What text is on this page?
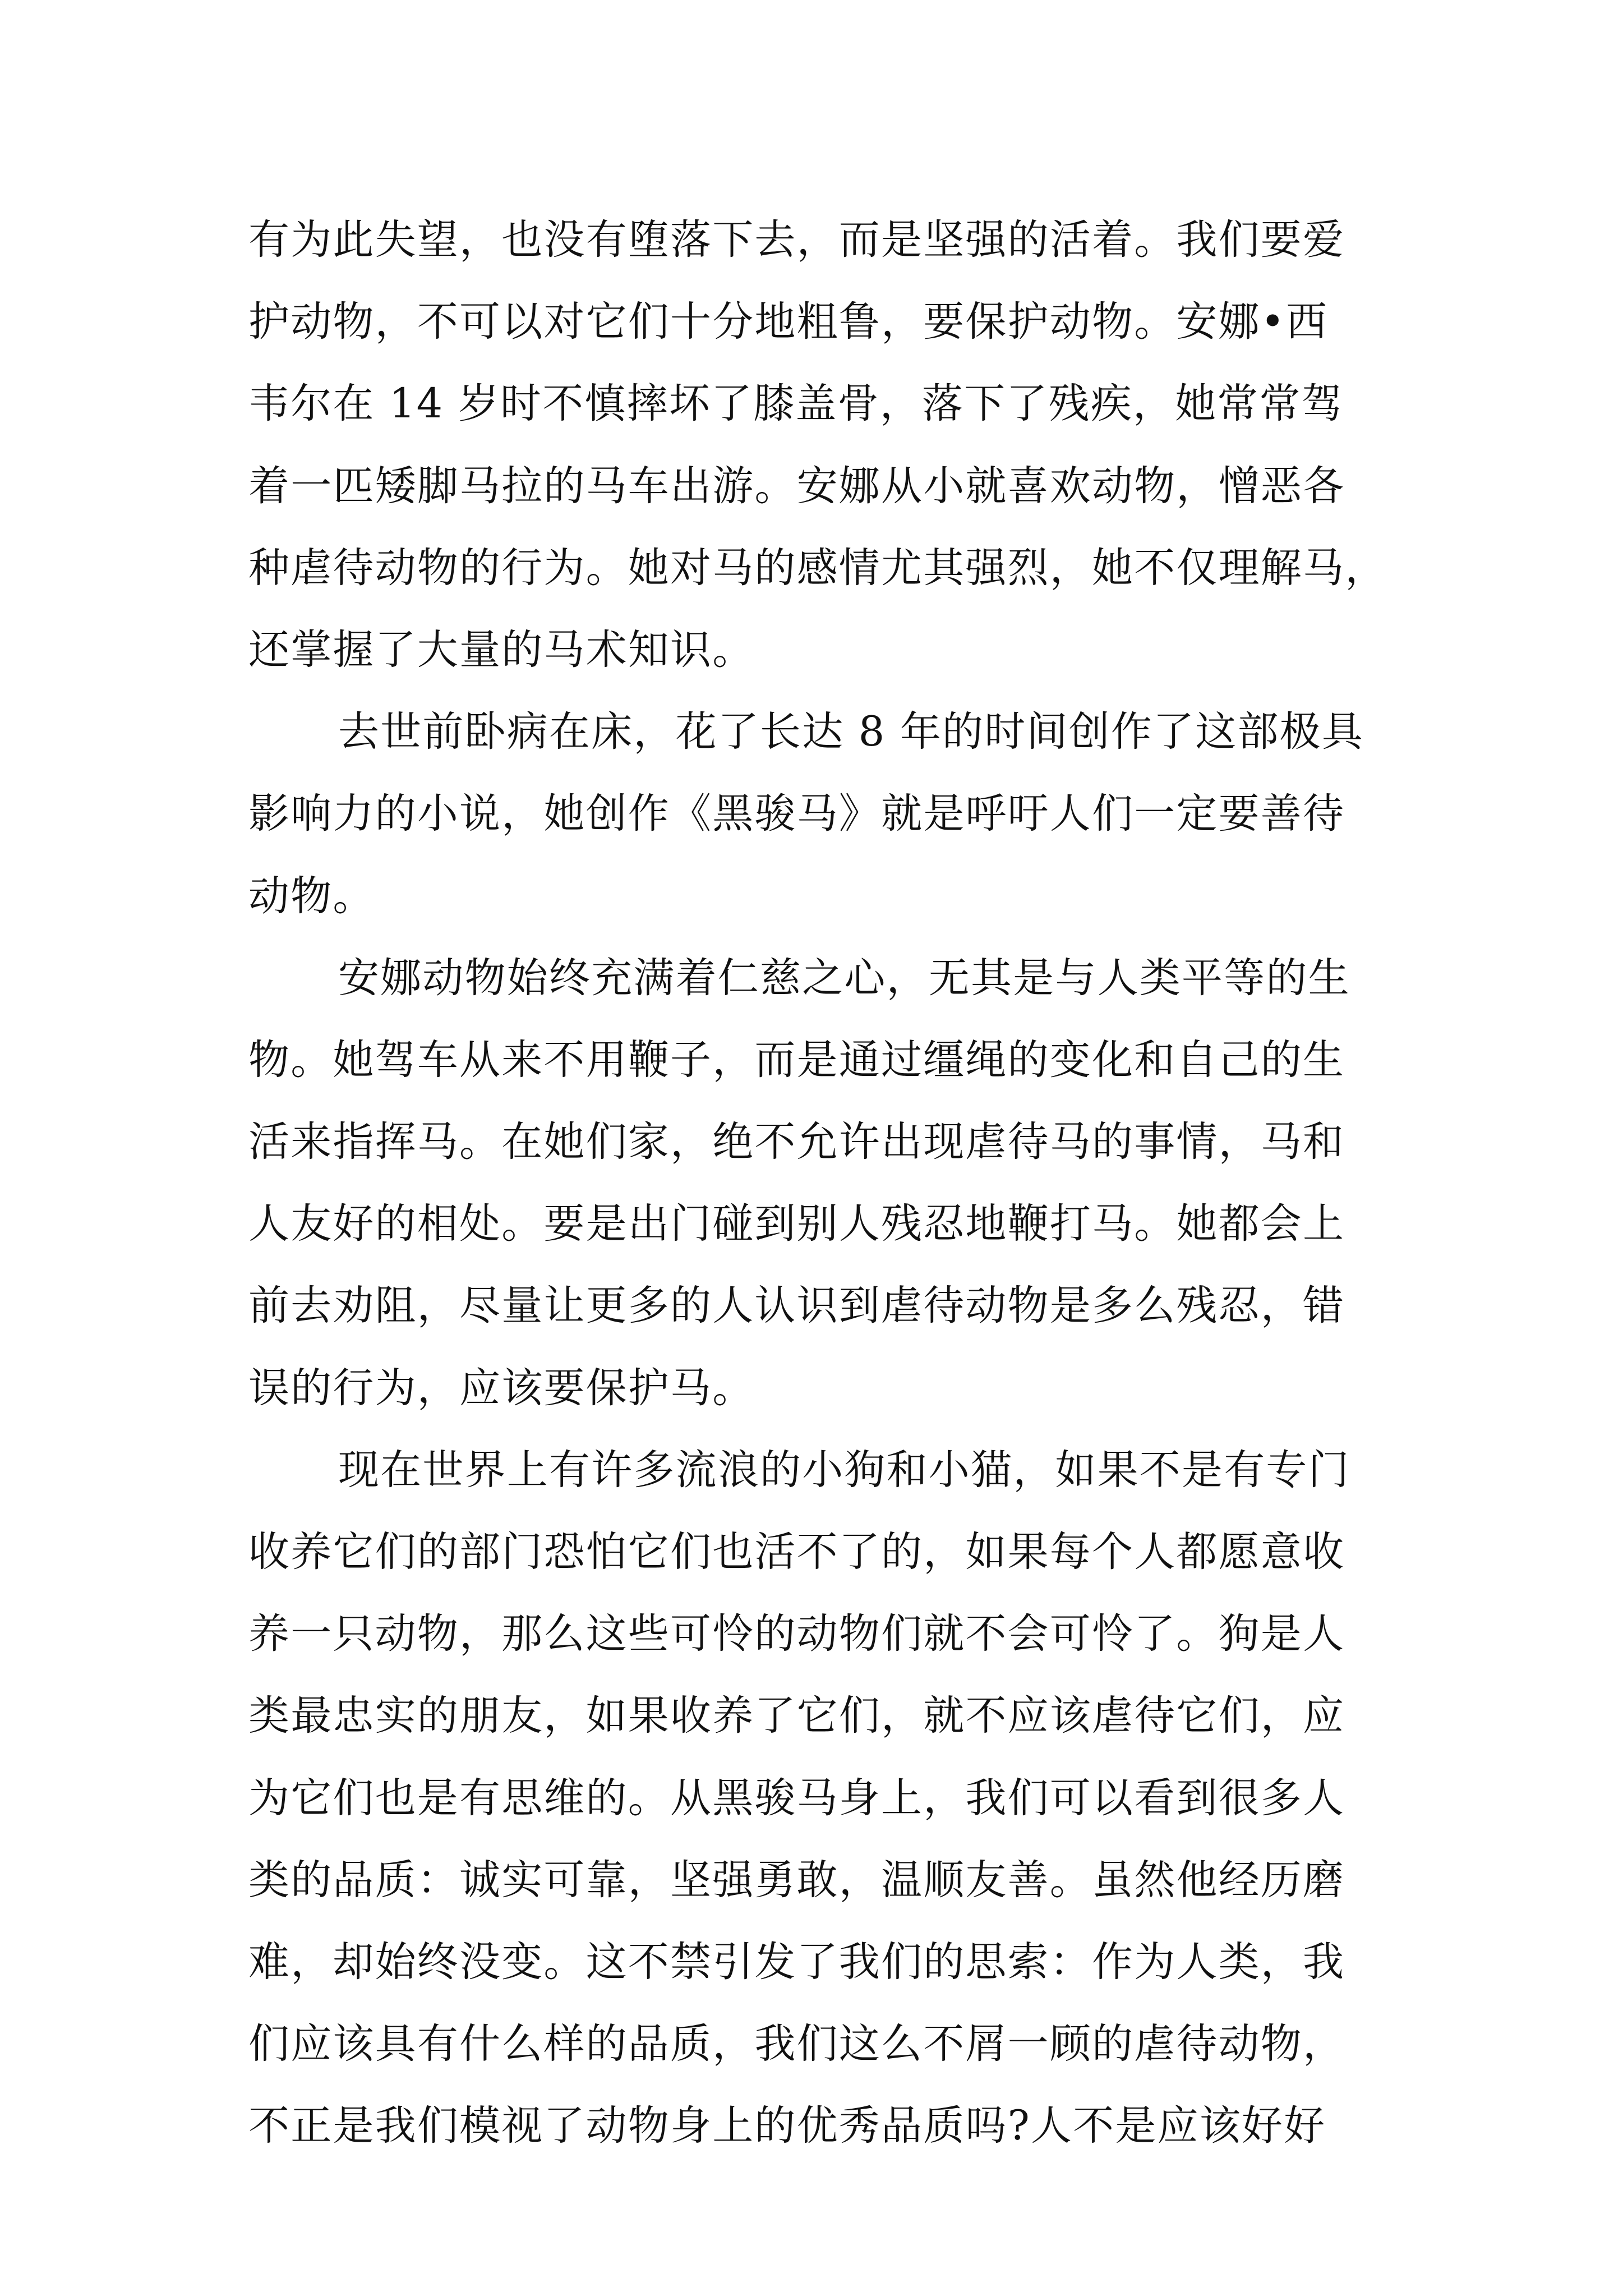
有为此失望，也没有堕落下去，而是坚强的活着。我们要爱
护动物，不可以对它们十分地粗鲁，要保护动物。安娜•西
韦尔在 14 岁时不慎摔坏了膝盖骨，落下了残疾，她常常驾
着一匹矮脚马拉的马车出游。安娜从小就喜欢动物，憎恶各
种虐待动物的行为。她对马的感情尤其强烈，她不仅理解马，
还掌握了大量的马术知识。
去世前卧病在床，花了长达 8 年的时间创作了这部极具
影响力的小说，她创作《黑骏马》就是呼吁人们一定要善待
动物。
安娜动物始终充满着仁慈之心，无其是与人类平等的生
物。她驾车从来不用鞭子，而是通过缰绳的变化和自己的生
活来指挥马。在她们家，绝不允许出现虐待马的事情，马和
人友好的相处。要是出门碰到别人残忍地鞭打马。她都会上
前去劝阻，尽量让更多的人认识到虐待动物是多么残忍，错
误的行为，应该要保护马。
现在世界上有许多流浪的小狗和小猫，如果不是有专门
收养它们的部门恐怕它们也活不了的，如果每个人都愿意收
养一只动物，那么这些可怜的动物们就不会可怜了。狗是人
类最忠实的朋友，如果收养了它们，就不应该虐待它们，应
为它们也是有思维的。从黑骏马身上，我们可以看到很多人
类的品质：诚实可靠，坚强勇敢，温顺友善。虽然他经历磨
难，却始终没变。这不禁引发了我们的思索：作为人类，我
们应该具有什么样的品质，我们这么不屑一顾的虐待动物，
不正是我们模视了动物身上的优秀品质吗?人不是应该好好
